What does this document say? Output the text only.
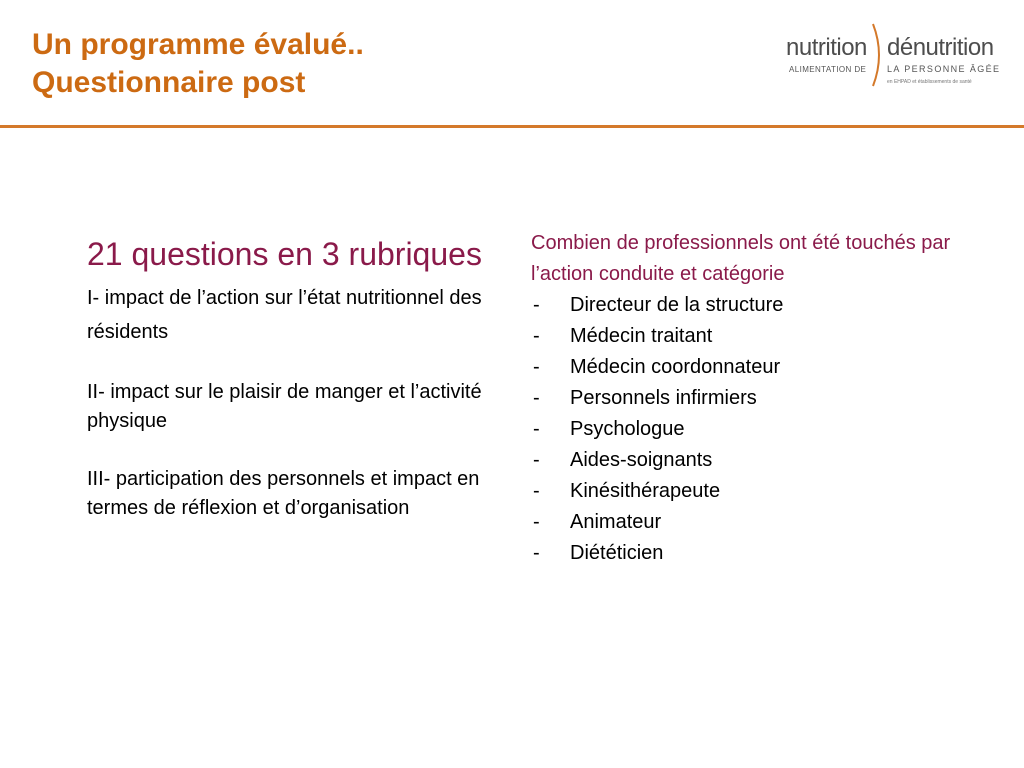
Un programme évalué..
Questionnaire post
nutrition dénutrition
ALIMENTATION DE LA PERSONNE ÂGÉE
en EHPAD et établissements de santé
21 questions en 3 rubriques

I- impact de l’action sur l’état nutritionnel des résidents

II- impact sur le plaisir de manger et l’activité physique

III- participation des personnels et impact en termes de réflexion et d’organisation

Combien de professionnels ont été touchés par l’action conduite et catégorie

- Directeur de la structure
- Médecin traitant
- Médecin coordonnateur
- Personnels infirmiers
- Psychologue
- Aides-soignants
- Kinésithérapeute
- Animateur
- Diététicien
